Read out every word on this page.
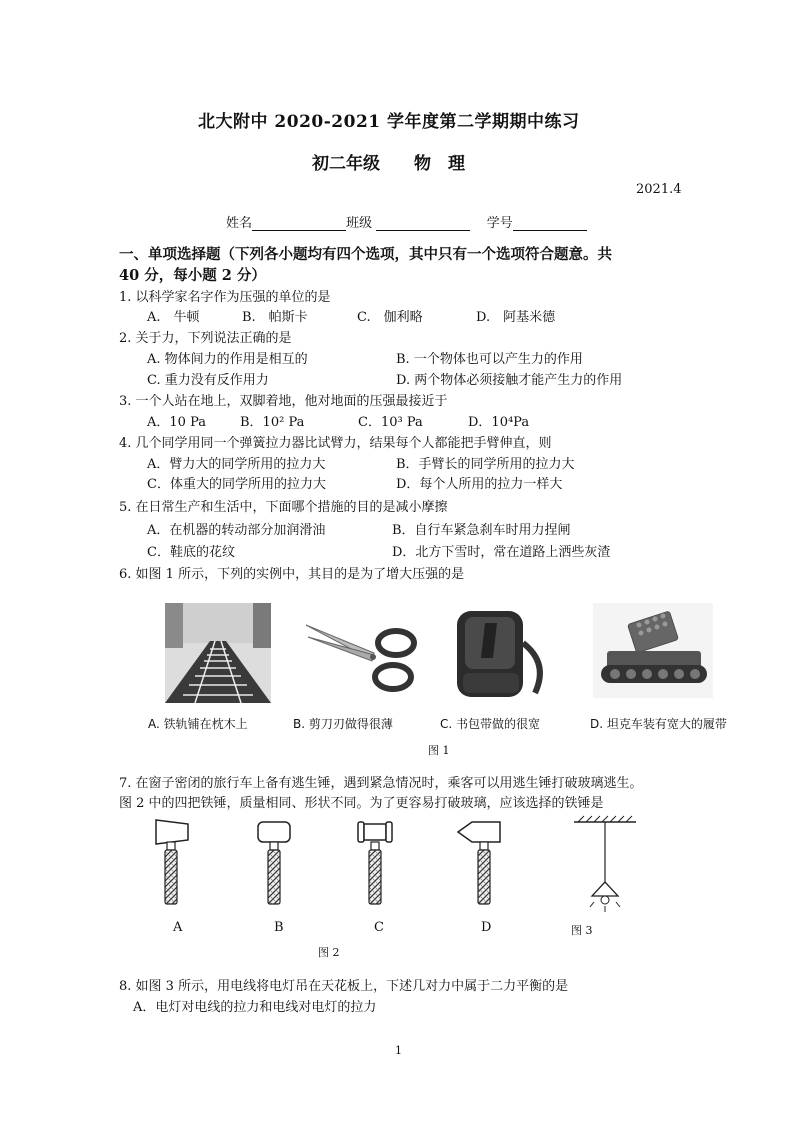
北大附中 2020-2021 学年度第二学期期中练习
初二年级　　物　理
2021.4
姓名	班级	学号
一、单项选择题（下列各小题均有四个选项，其中只有一个选项符合题意。共
40 分，每小题 2 分）
1. 以科学家名字作为压强的单位的是
A.　牛顿	B.　帕斯卡	C.　伽利略	D.　阿基米德
2. 关于力，下列说法正确的是
A. 物体间力的作用是相互的	B. 一个物体也可以产生力的作用
C. 重力没有反作用力	D. 两个物体必须接触才能产生力的作用
3. 一个人站在地上，双脚着地，他对地面的压强最接近于
A．10 Pa	B．10² Pa	C．10³ Pa	D．10⁴Pa
4. 几个同学用同一个弹簧拉力器比试臂力，结果每个人都能把手臂伸直，则
A．臂力大的同学所用的拉力大	B．手臂长的同学所用的拉力大
C．体重大的同学所用的拉力大	D．每个人所用的拉力一样大
5. 在日常生产和生活中，下面哪个措施的目的是减小摩擦
A．在机器的转动部分加润滑油	B．自行车紧急刹车时用力捏闸
C．鞋底的花纹	D．北方下雪时，常在道路上洒些灰渣
6. 如图 1 所示，下列的实例中，其目的是为了增大压强的是
A. 铁轨铺在枕木上	B. 剪刀刃做得很薄	C. 书包带做的很宽	D. 坦克车装有宽大的履带
图 1
7. 在窗子密闭的旅行车上备有逃生锤，遇到紧急情况时，乘客可以用逃生锤打破玻璃逃生。
图 2 中的四把铁锤，质量相同、形状不同。为了更容易打破玻璃，应该选择的铁锤是
A	B	C	D
图 2
图 3
8. 如图 3 所示，用电线将电灯吊在天花板上，下述几对力中属于二力平衡的是
A．电灯对电线的拉力和电线对电灯的拉力
1
